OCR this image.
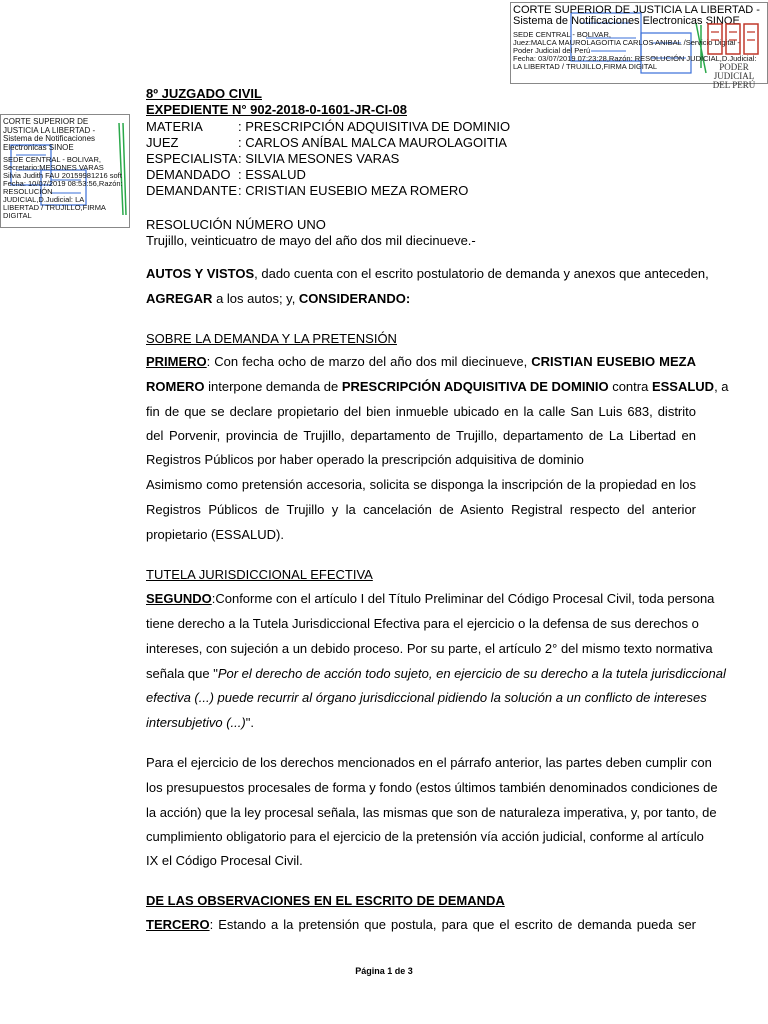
CORTE SUPERIOR DE JUSTICIA LA LIBERTAD -
Sistema de Notificaciones Electronicas SINOE
SEDE CENTRAL - BOLIVAR,
Juez:MALCA MAUROLAGOITIA CARLOS ANIBAL /Servicio Digital -
Poder Judicial del Perú
Fecha: 03/07/2019 07:23:28,Razón: RESOLUCIÓN JUDICIAL,D.Judicial:
LA LIBERTAD / TRUJILLO,FIRMA DIGITAL	PODER JUDICIAL
DEL PERÚ
CORTE SUPERIOR DE JUSTICIA LA LIBERTAD - Sistema de Notificaciones Electronicas SINOE
SEDE CENTRAL - BOLIVAR,
Secretario:MESONES VARAS
Silvia Judith FAU 20159981216 soft
Fecha: 10/07/2019 08:53:56,Razón:
RESOLUCIÓN
JUDICIAL,D.Judicial: LA
LIBERTAD / TRUJILLO,FIRMA
DIGITAL
8º JUZGADO CIVIL
EXPEDIENTE N° 902-2018-0-1601-JR-CI-08
MATERIA	: PRESCRIPCIÓN ADQUISITIVA DE DOMINIO
JUEZ	: CARLOS ANÍBAL MALCA MAUROLAGOITIA
ESPECIALISTA: SILVIA MESONES VARAS
DEMANDADO : ESSALUD
DEMANDANTE: CRISTIAN EUSEBIO MEZA ROMERO
RESOLUCIÓN NÚMERO UNO
Trujillo, veinticuatro de mayo del año dos mil diecinueve.-
AUTOS Y VISTOS, dado cuenta con el escrito postulatorio de demanda y anexos que anteceden,
AGREGAR a los autos; y, CONSIDERANDO:
SOBRE LA DEMANDA Y LA PRETENSIÓN
PRIMERO: Con fecha ocho de marzo del año dos mil diecinueve, CRISTIAN EUSEBIO MEZA
ROMERO interpone demanda de PRESCRIPCIÓN ADQUISITIVA DE DOMINIO contra ESSALUD, a
fin de que se declare propietario del bien inmueble ubicado en la calle San Luis 683, distrito
del Porvenir, provincia de Trujillo, departamento de Trujillo, departamento de La Libertad en
Registros Públicos por haber operado la prescripción adquisitiva de dominio
Asimismo como pretensión accesoria, solicita se disponga la inscripción de la propiedad en los
Registros Públicos de Trujillo y la cancelación de Asiento Registral respecto del anterior
propietario (ESSALUD).
TUTELA JURISDICCIONAL EFECTIVA
SEGUNDO:Conforme con el artículo I del Título Preliminar del Código Procesal Civil, toda persona
tiene derecho a la Tutela Jurisdiccional Efectiva para el ejercicio o la defensa de sus derechos o
intereses, con sujeción a un debido proceso. Por su parte, el artículo 2° del mismo texto normativa
señala que "Por el derecho de acción todo sujeto, en ejercicio de su derecho a la tutela jurisdiccional
efectiva (...) puede recurrir al órgano jurisdiccional pidiendo la solución a un conflicto de intereses
intersubjetivo (...)".
Para el ejercicio de los derechos mencionados en el párrafo anterior, las partes deben cumplir con
los presupuestos procesales de forma y fondo (estos últimos también denominados condiciones de
la acción) que la ley procesal señala, las mismas que son de naturaleza imperativa, y, por tanto, de
cumplimiento obligatorio para el ejercicio de la pretensión vía acción judicial, conforme al artículo
IX el Código Procesal Civil.
DE LAS OBSERVACIONES EN EL ESCRITO DE DEMANDA
TERCERO: Estando a la pretensión que postula, para que el escrito de demanda pueda ser
Página 1 de 3
